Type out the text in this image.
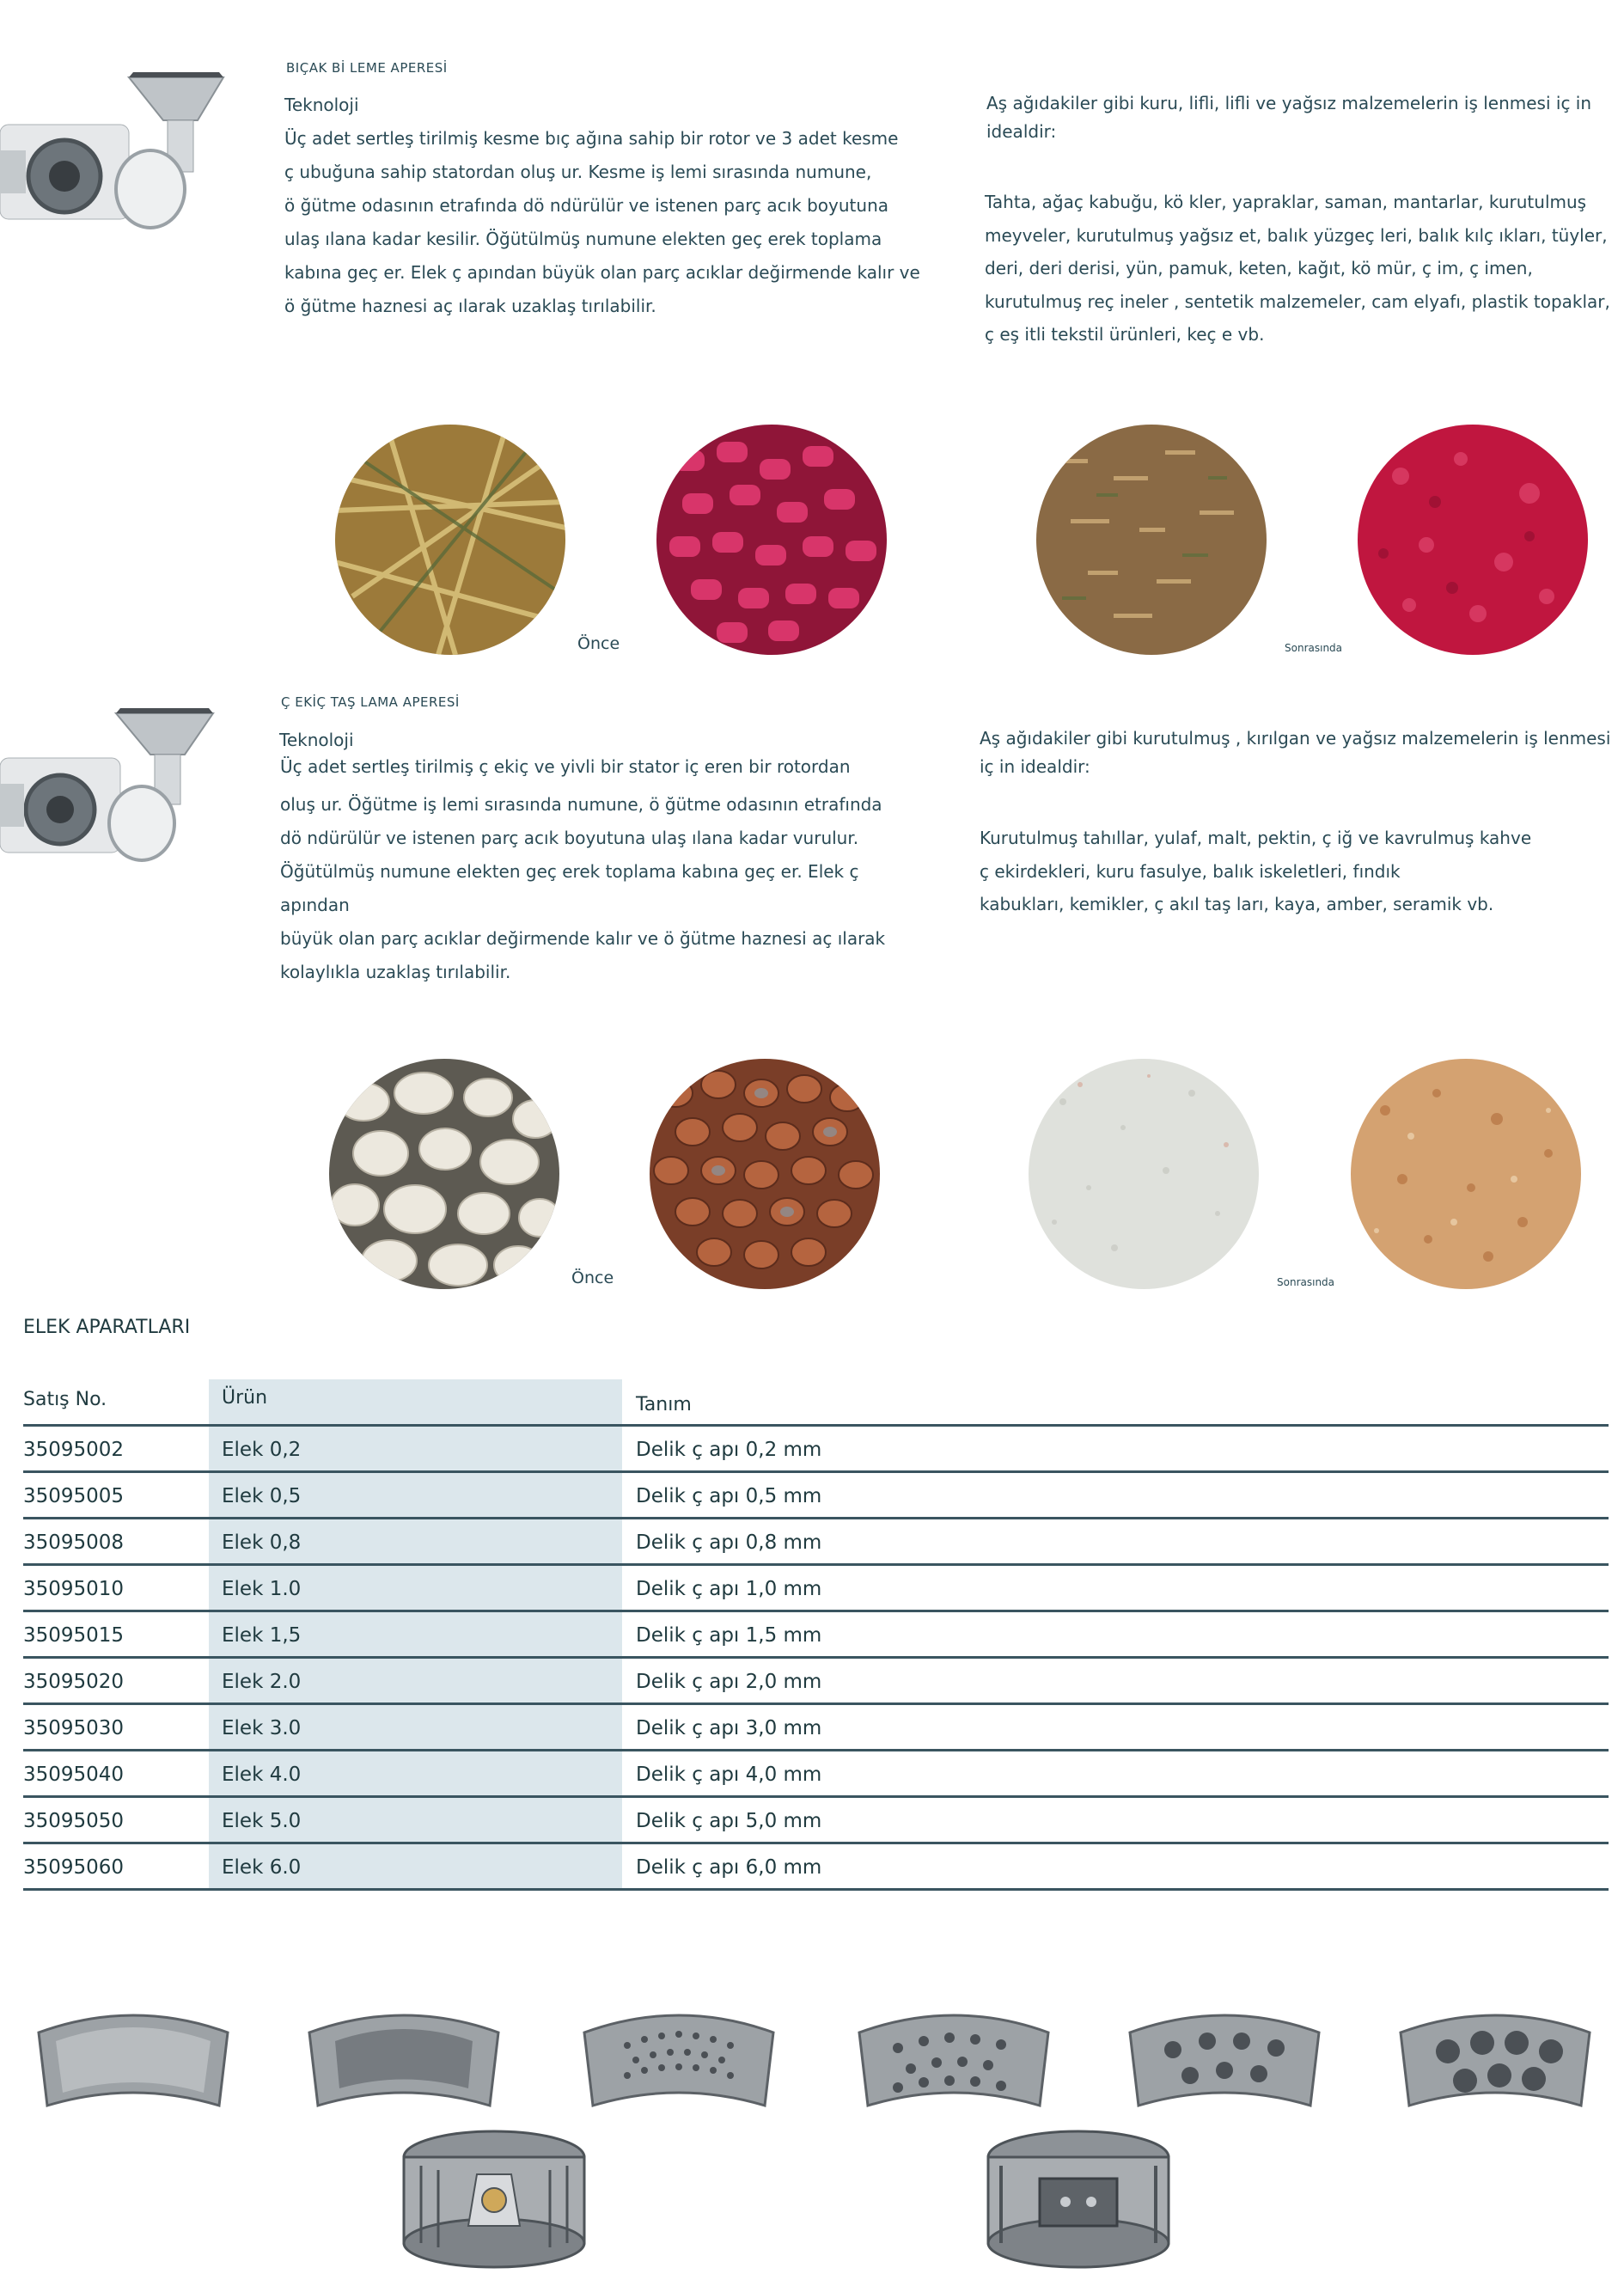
BIÇAK Bİ LEME APERESİ
Teknoloji
Üç adet sertleş tirilmiş kesme bıç ağına sahip bir rotor ve 3 adet kesme
ç ubuğuna sahip statordan oluş ur. Kesme iş lemi sırasında numune,
ö ğütme odasının etrafında dö ndürülür ve istenen parç acık boyutuna
ulaş ılana kadar kesilir. Öğütülmüş numune elekten geç erek toplama
kabına geç er. Elek ç apından büyük olan parç acıklar değirmende kalır ve
ö ğütme haznesi aç ılarak uzaklaş tırılabilir.
Aş ağıdakiler gibi kuru, lifli, lifli ve yağsız malzemelerin iş lenmesi iç in
idealdir:
Tahta, ağaç kabuğu, kö kler, yapraklar, saman, mantarlar, kurutulmuş
meyveler, kurutulmuş yağsız et, balık yüzgeç leri, balık kılç ıkları, tüyler,
deri, deri derisi, yün, pamuk, keten, kağıt, kö mür, ç im, ç imen,
kurutulmuş reç ineler , sentetik malzemeler, cam elyafı, plastik topaklar,
ç eş itli tekstil ürünleri, keç e vb.
Önce	Sonrasında
Ç EKİÇ TAŞ LAMA APERESİ
Teknoloji
Üç adet sertleş tirilmiş ç ekiç ve yivli bir stator iç eren bir rotordan
oluş ur. Öğütme iş lemi sırasında numune, ö ğütme odasının etrafında
dö ndürülür ve istenen parç acık boyutuna ulaş ılana kadar vurulur.
Öğütülmüş numune elekten geç erek toplama kabına geç er. Elek ç apından
büyük olan parç acıklar değirmende kalır ve ö ğütme haznesi aç ılarak
kolaylıkla uzaklaş tırılabilir.
Aş ağıdakiler gibi kurutulmuş , kırılgan ve yağsız malzemelerin iş lenmesi
iç in idealdir:
Kurutulmuş tahıllar, yulaf, malt, pektin, ç iğ ve kavrulmuş kahve
ç ekirdekleri, kuru fasulye, balık iskeletleri, fındık
kabukları, kemikler, ç akıl taş ları, kaya, amber, seramik vb.
Önce	Sonrasında
ELEK APARATLARI
Satış No.	Ürün	Tanım
35095002	Elek 0,2	Delik ç apı 0,2 mm
35095005	Elek 0,5	Delik ç apı 0,5 mm
35095008	Elek 0,8	Delik ç apı 0,8 mm
35095010	Elek 1.0	Delik ç apı 1,0 mm
35095015	Elek 1,5	Delik ç apı 1,5 mm
35095020	Elek 2.0	Delik ç apı 2,0 mm
35095030	Elek 3.0	Delik ç apı 3,0 mm
35095040	Elek 4.0	Delik ç apı 4,0 mm
35095050	Elek 5.0	Delik ç apı 5,0 mm
35095060	Elek 6.0	Delik ç apı 6,0 mm
